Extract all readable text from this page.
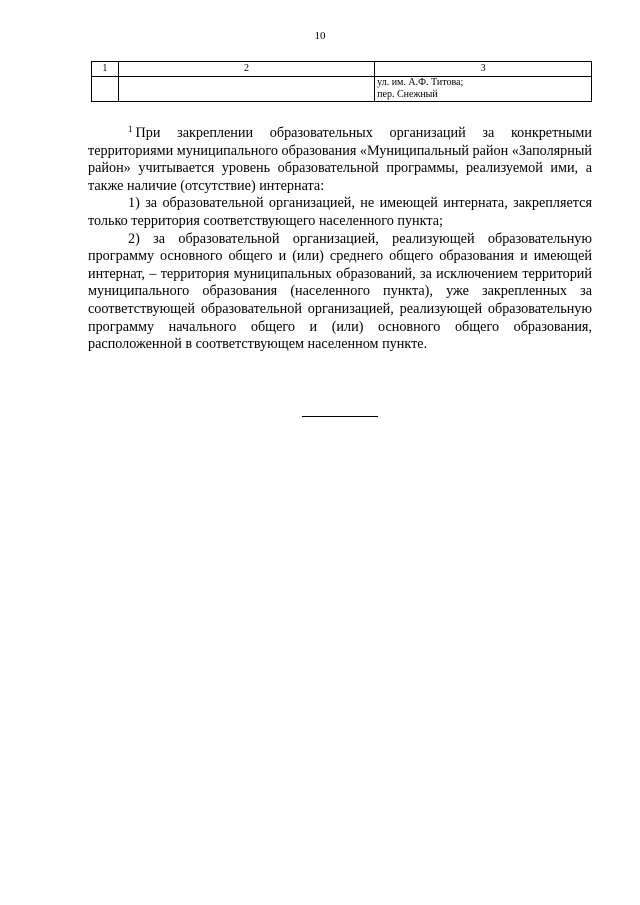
10
1	2	3

		ул. им. А.Ф. Титова;
пер. Снежный

$^1$ При закреплении образовательных организаций за конкретными территориями муниципального образования «Муниципальный район «Заполярный район» учитывается уровень образовательной программы, реализуемой ими, а также наличие (отсутствие) интерната:

1) за образовательной организацией, не имеющей интерната, закрепляется только территория соответствующего населенного пункта;

2) за образовательной организацией, реализующей образовательную программу основного общего и (или) среднего общего образования и имеющей интернат, – территория муниципальных образований, за исключением территорий муниципального образования (населенного пункта), уже закрепленных за соответствующей образовательной организацией, реализующей образовательную программу начального общего и (или) основного общего образования, расположенной в соответствующем населенном пункте.
